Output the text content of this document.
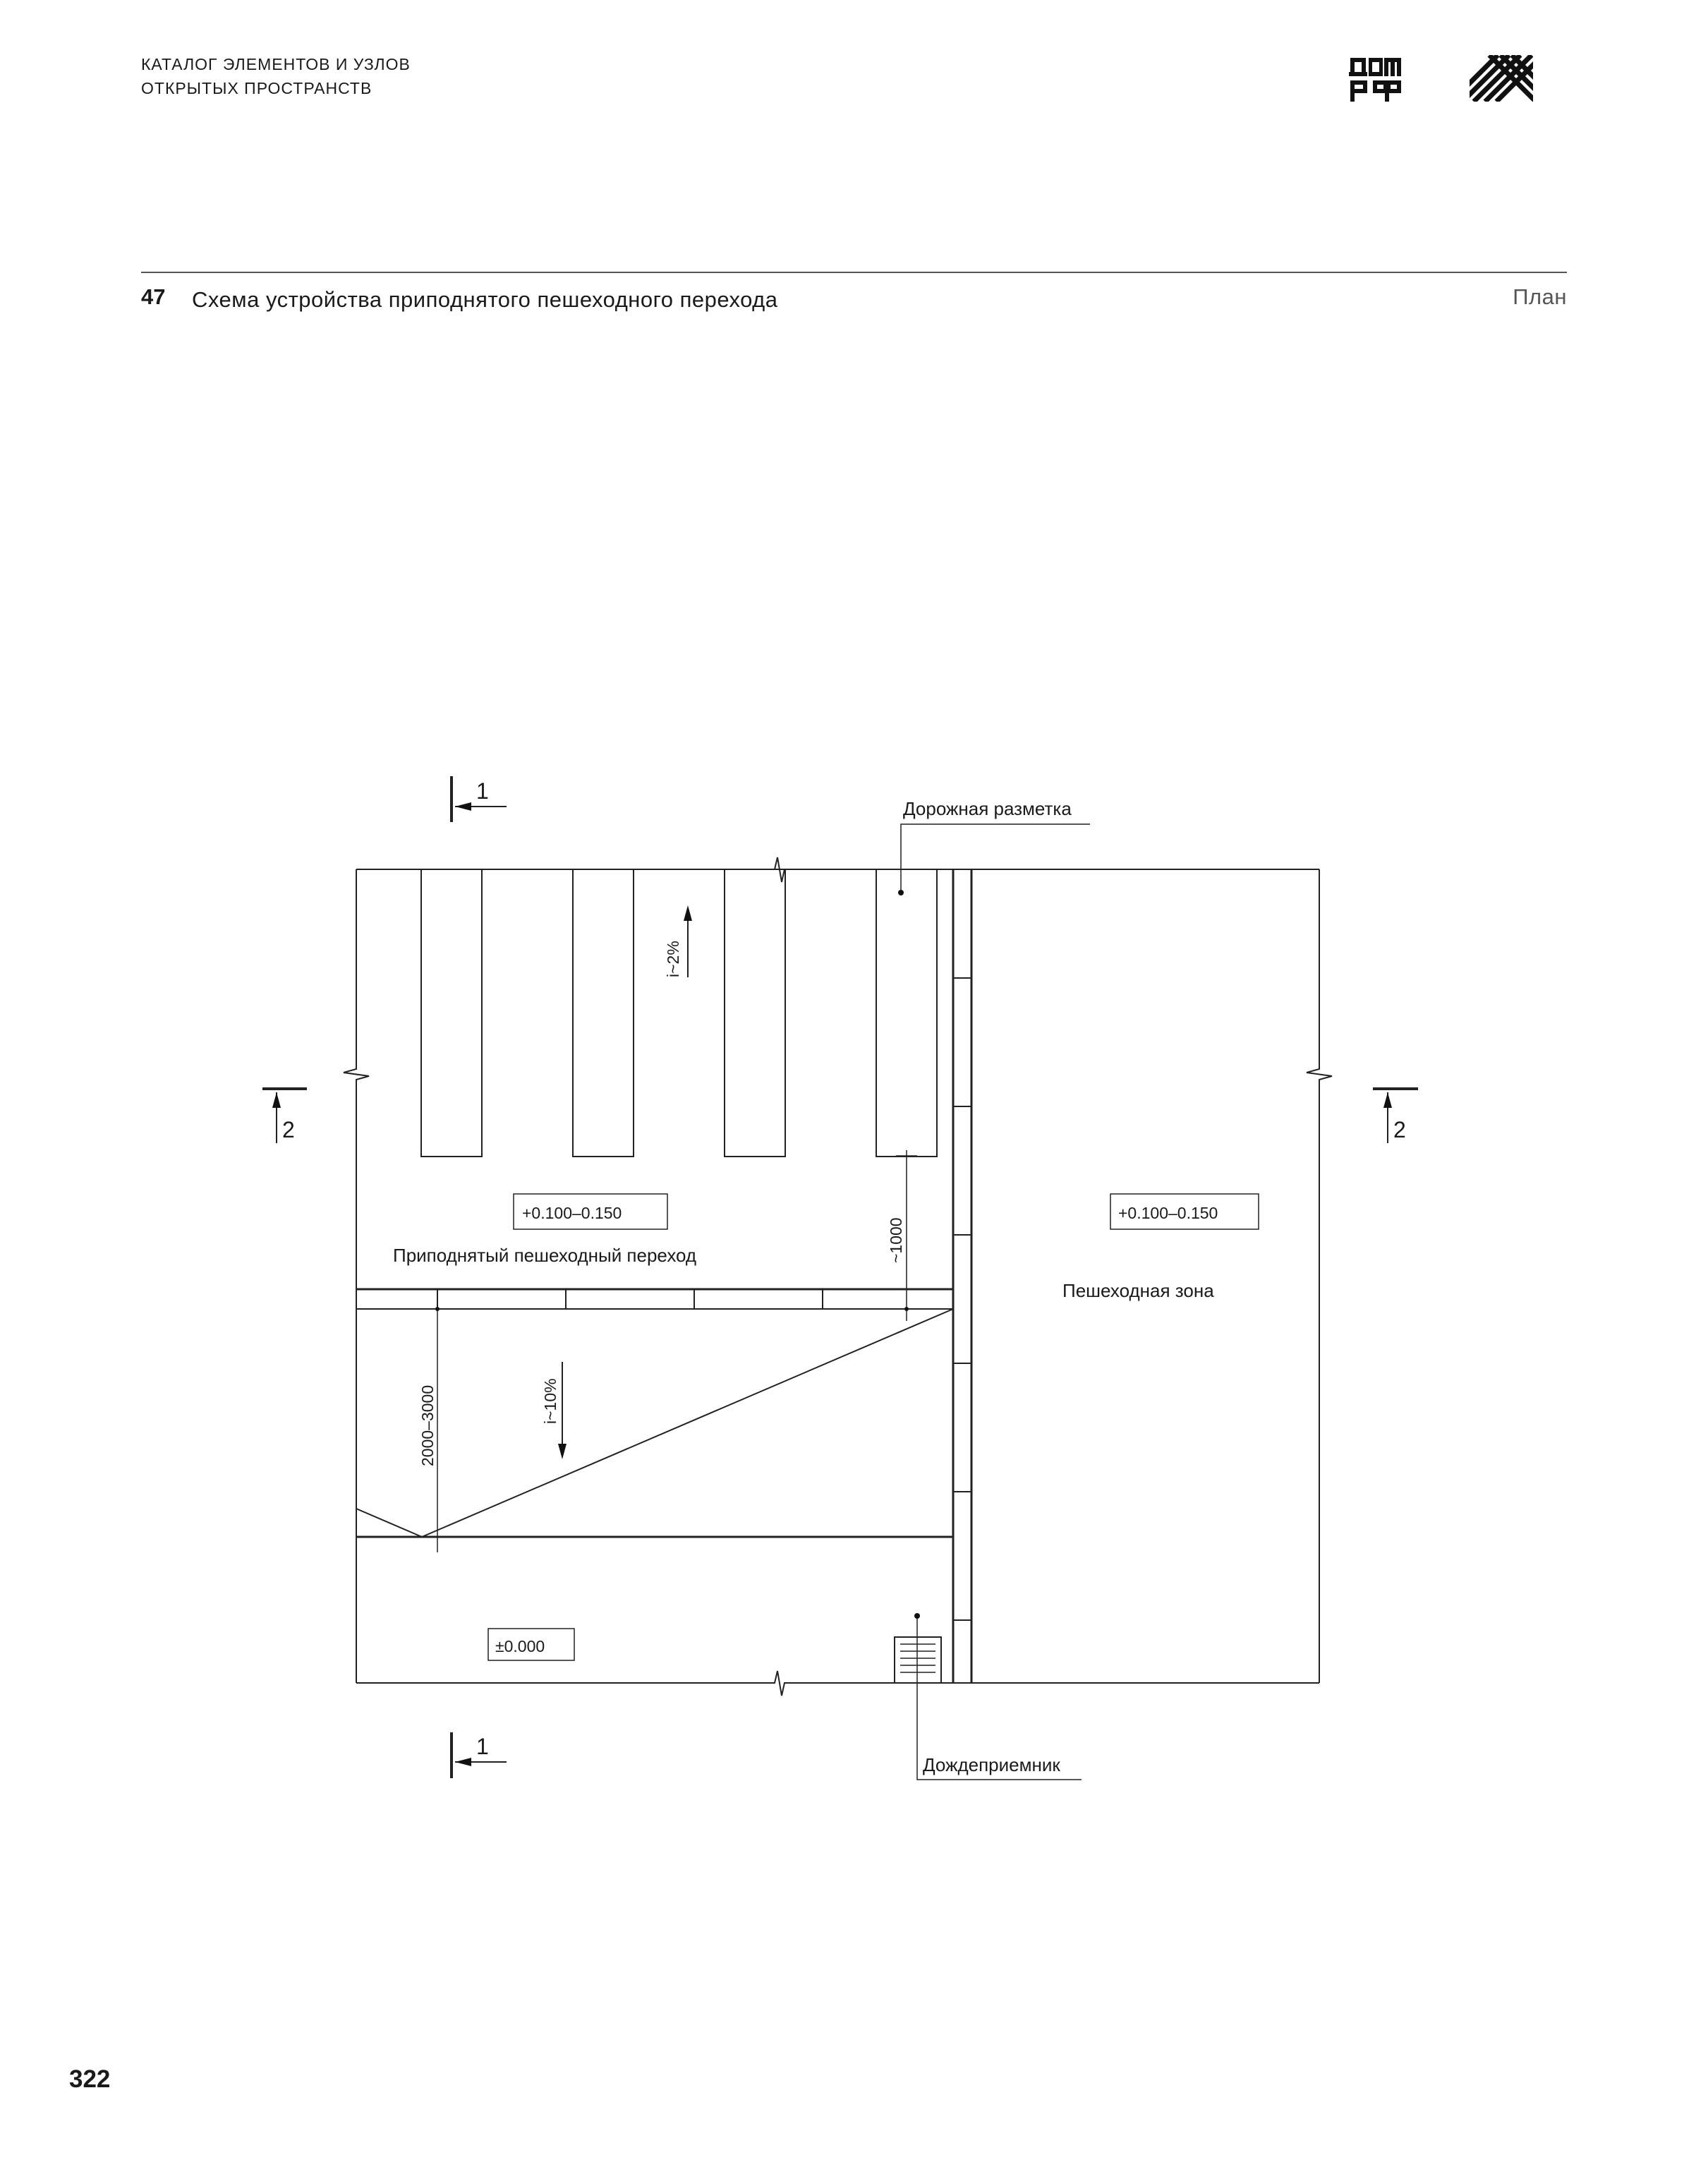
КАТАЛОГ ЭЛЕМЕНТОВ И УЗЛОВ
ОТКРЫТЫХ ПРОСТРАНСТВ
47 Схема устройства приподнятого пешеходного перехода	План
1
1
2	2
Дорожная разметка
Дождеприемник
Приподнятый пешеходный переход
Пешеходная зона
+0.100–0.150	+0.100–0.150
±0.000
i~2%
i~10%
~1000
2000–3000
322
